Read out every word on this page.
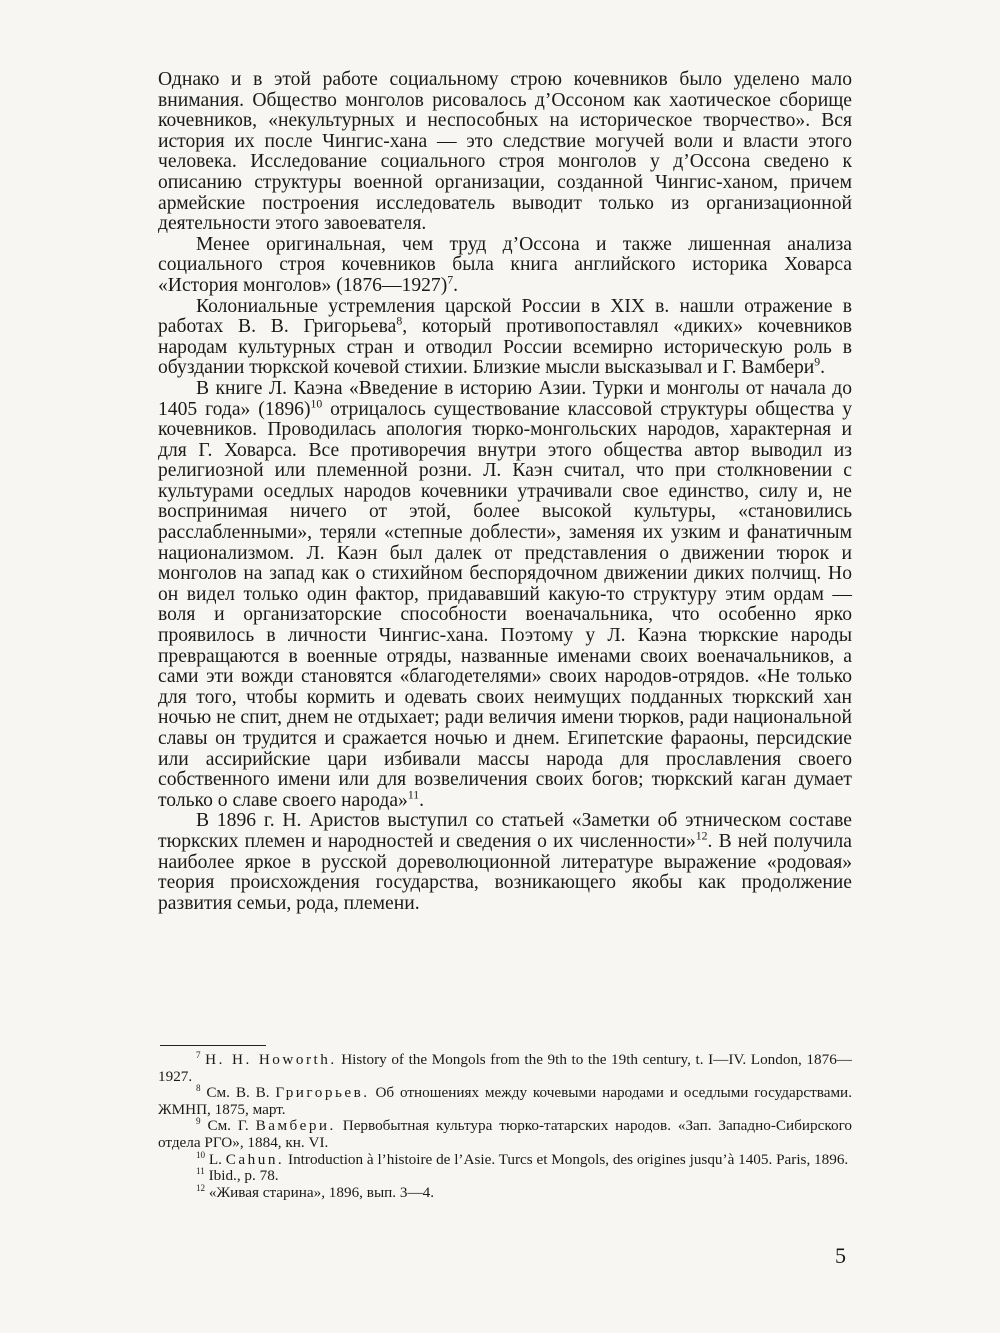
Однако и в этой работе социальному строю кочевников было уделено мало внимания. Общество монголов рисовалось д’Оссоном как хаотическое сборище кочевников, «некультурных и неспособных на историческое творчество». Вся история их после Чингис-хана — это следствие могучей воли и власти этого человека. Исследование социального строя монголов у д’Оссона сведено к описанию структуры военной организации, созданной Чингис-ханом, причем армейские построения исследователь выводит только из организационной деятельности этого завоевателя.

Менее оригинальная, чем труд д’Оссона и также лишенная анализа социального строя кочевников была книга английского историка Ховарса «История монголов» (1876—1927)$^7$.

Колониальные устремления царской России в XIX в. нашли отражение в работах В. В. Григорьева$^8$, который противопоставлял «диких» кочевников народам культурных стран и отводил России всемирно историческую роль в обуздании тюркской кочевой стихии. Близкие мысли высказывал и Г. Вамбери$^9$.

В книге Л. Каэна «Введение в историю Азии. Турки и монголы от начала до 1405 года» $(1896)^{10}$ отрицалось существование классовой структуры общества у кочевников. Проводилась апология тюрко-монгольских народов, характерная и для Г. Ховарса. Все противоречия внутри этого общества автор выводил из религиозной или племенной розни. Л. Каэн считал, что при столкновении с культурами оседлых народов кочевники утрачивали свое единство, силу и, не воспринимая ничего от этой, более высокой культуры, «становились расслабленными», теряли «степные доблести», заменяя их узким и фанатичным национализмом. Л. Каэн был далек от представления о движении тюрок и монголов на запад как о стихийном беспорядочном движении диких полчищ. Но он видел только один фактор, придававший какую-то структуру этим ордам — воля и организаторские способности военачальника, что особенно ярко проявилось в личности Чингис-хана. Поэтому у Л. Каэна тюркские народы превращаются в военные отряды, названные именами своих военачальников, а сами эти вожди становятся «благодетелями» своих народов-отрядов. «Не только для того, чтобы кормить и одевать своих неимущих подданных тюркский хан ночью не спит, днем не отдыхает; ради величия имени тюрков, ради национальной славы он трудится и сражается ночью и днем. Египетские фараоны, персидские или ассирийские цари избивали массы народа для прославления своего собственного имени или для возвеличения своих богов; тюркский каган думает только о славе своего народа»$^{11}$.

В 1896 г. Н. Аристов выступил со статьей «Заметки об этническом составе тюркских племен и народностей и сведения о их численности»$^{12}$. В ней получила наиболее яркое в русской дореволюционной литературе выражение «родовая» теория происхождения государства, возникающего якобы как продолжение развития семьи, рода, племени.

$^7$ Н. Н. Howorth. History of the Mongols from the 9th to the 19th century, t. I—IV. London, 1876—1927.

$^8$ См. В. В. Григорьев. Об отношениях между кочевыми народами и оседлыми государствами. ЖМНП, 1875, март.

$^9$ См. Г. Вамбери. Первобытная культура тюрко-татарских народов. «Зап. Западно-Сибирского отдела РГО», 1884, кн. VI.

$^{10}$ L. Cahun. Introduction à l’histoire de l’Asie. Turcs et Mongols, des origines jusqu’à 1405. Paris, 1896.

$^{11}$ Ibid., p. 78.

$^{12}$ «Живая старина», 1896, вып. 3—4.

5
